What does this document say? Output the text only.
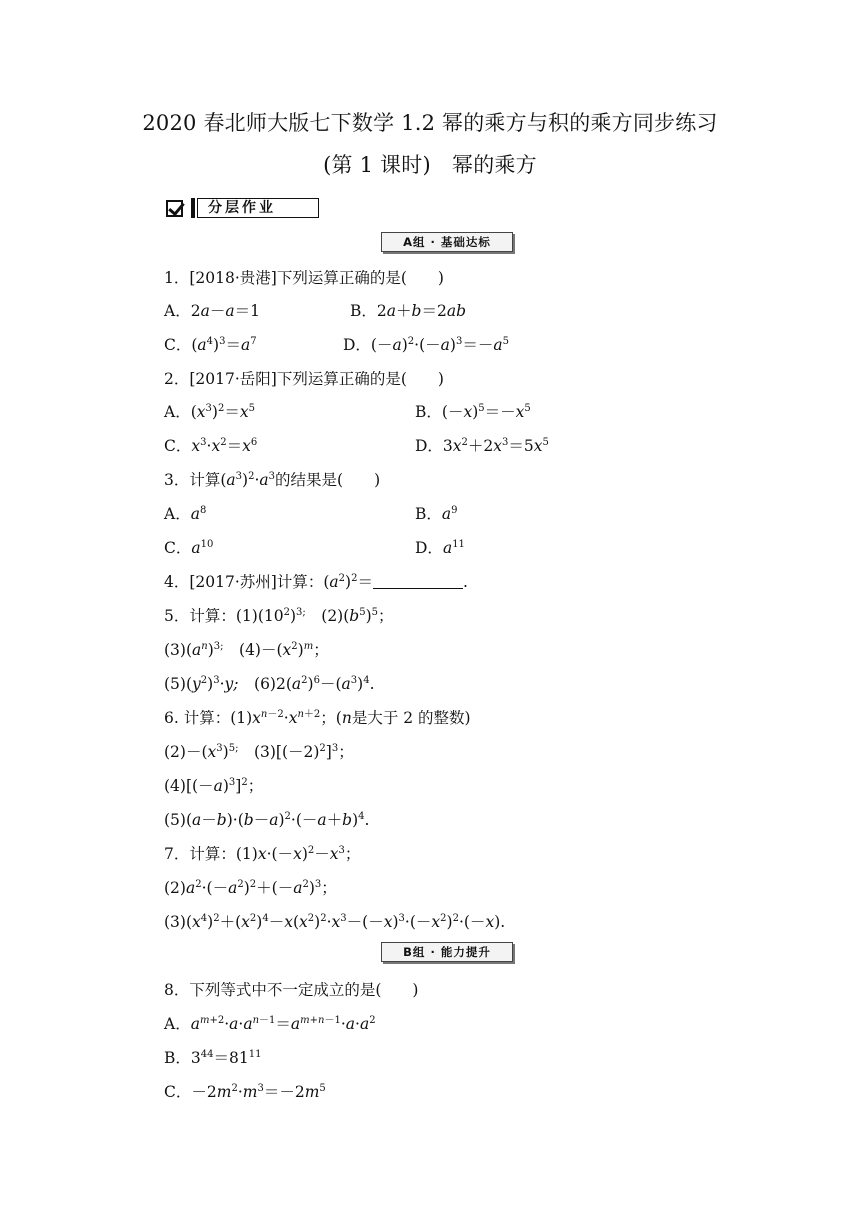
2020 春北师大版七下数学 1.2 幂的乘方与积的乘方同步练习
(第 1 课时)　幂的乘方
分层作业
A组 · 基础达标
1．[2018·贵港]下列运算正确的是(　　)
A．2a－a＝1	B．2a＋b＝2ab
C．$(a^4)^3=a^7$	D．$(-a)^2\cdot(-a)^3=-a^5$
2．[2017·岳阳]下列运算正确的是(　　)
A．$(x^3)^2=x^5$	B．$(-x)^5=-x^5$
C．$x^3\cdot x^2=x^6$	D．$3x^2+2x^3=5x^5$
3．计算$(a^3)^2\cdot a^3$的结果是(　　)
A．$a^8$	B．$a^9$
C．$a^{10}$	D．$a^{11}$
4．[2017·苏州]计算：$(a^2)^2=$	.
5．计算：$(1)(10^2)^{3;}$　$(2)(b^5)^5$；
$(3)(a^n)^{3;}$　$(4)-(x^2)^m$；
$(5)(y^2)^3\cdot y$;　$(6)2(a^2)^6-(a^3)^4$.
6. 计算：$(1)x^{n-2}\cdot x^{n+2}$；(n是大于 2 的整数)
$(2)-(x^3)^{5;}$　$(3)[(-2)^2]^3$；
$(4)[(-a)^3]^2$；
$(5)(a-b)\cdot(b-a)^2\cdot(-a+b)^4$.
7．计算：$(1)x\cdot(-x)^2-x^3$；
$(2)a^2\cdot(-a^2)^2+(-a^2)^3$；
$(3)(x^4)^2+(x^2)^4-x(x^2)^2\cdot x^3-(-x)^3\cdot(-x^2)^2\cdot(-x)$.
B组 · 能力提升
8．下列等式中不一定成立的是(　　)
A．$a^{m+2}\cdot a\cdot a^{n-1}=a^{m+n-1}\cdot a\cdot a^2$
B．$3^{44}=81^{11}$
C．$-2m^2\cdot m^3=-2m^5$
